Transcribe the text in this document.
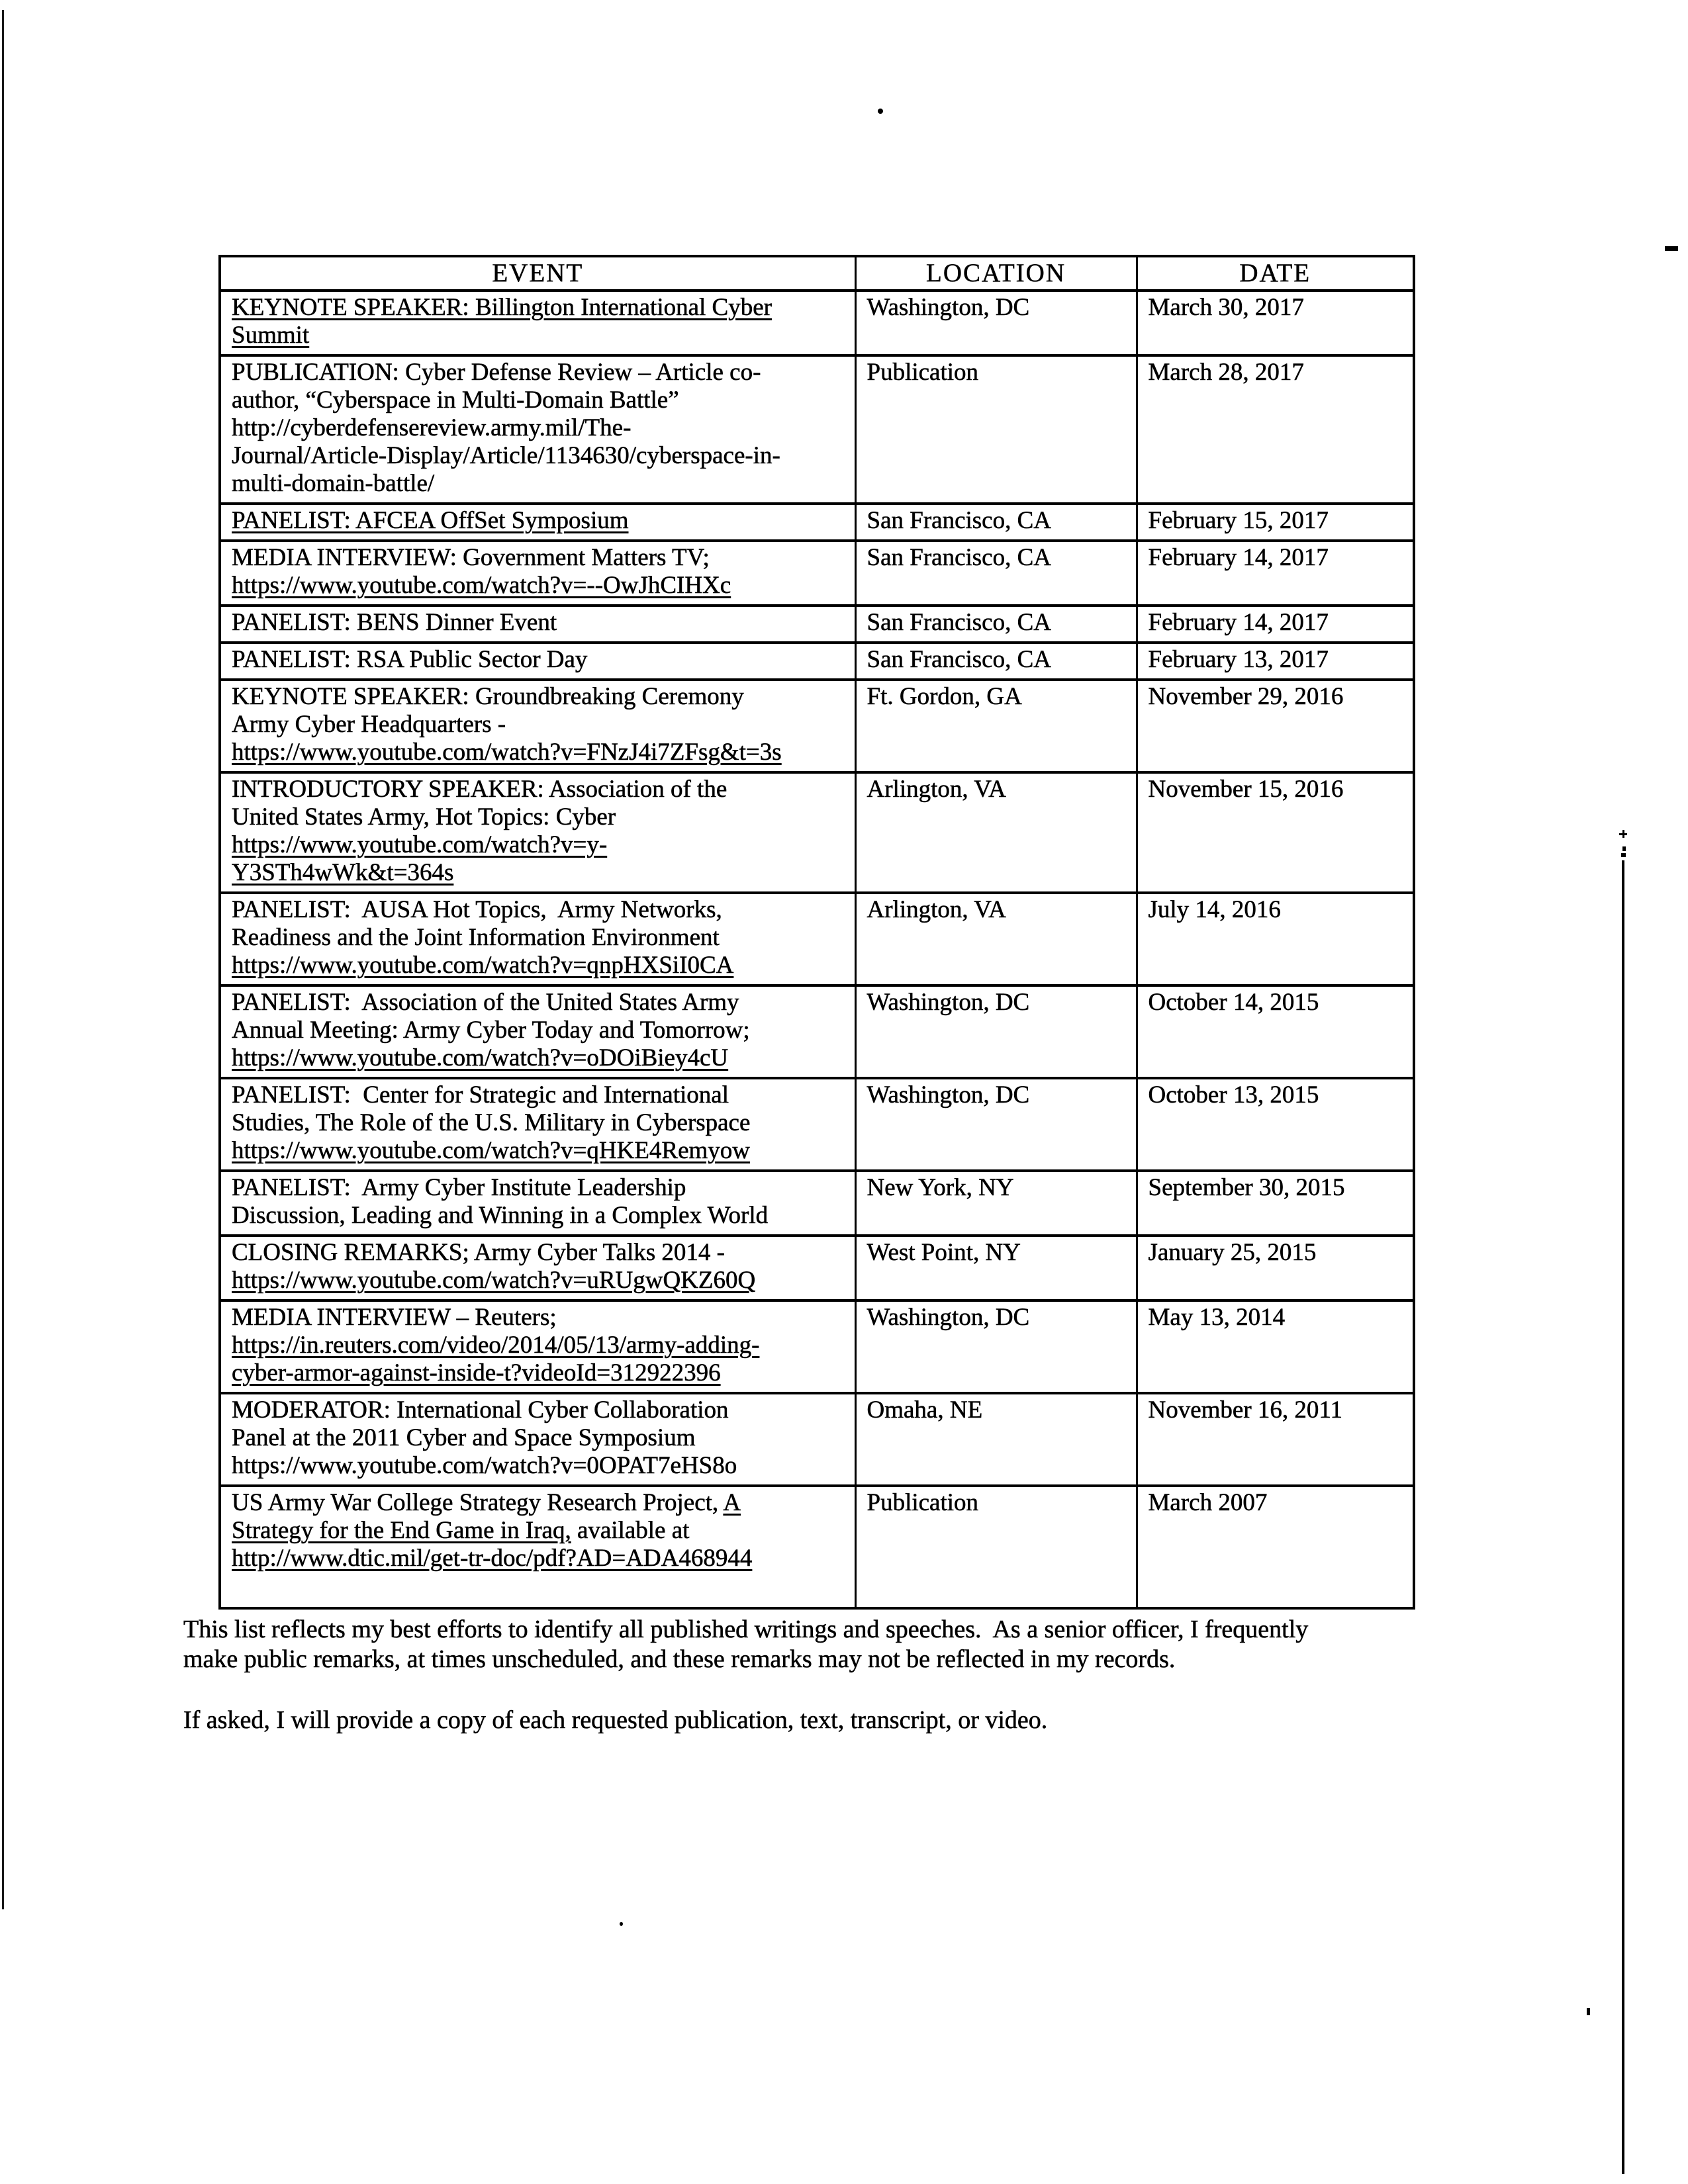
EVENT	LOCATION	DATE

KEYNOTE SPEAKER: Billington International Cyber
Summit	Washington, DC	March 30, 2017

PUBLICATION: Cyber Defense Review – Article co-
author, “Cyberspace in Multi-Domain Battle”
http://cyberdefensereview.army.mil/The-
Journal/Article-Display/Article/1134630/cyberspace-in-
multi-domain-battle/	Publication	March 28, 2017

PANELIST: AFCEA OffSet Symposium	San Francisco, CA	February 15, 2017

MEDIA INTERVIEW: Government Matters TV;
https://www.youtube.com/watch?v=--OwJhCIHXc	San Francisco, CA	February 14, 2017

PANELIST: BENS Dinner Event	San Francisco, CA	February 14, 2017

PANELIST: RSA Public Sector Day	San Francisco, CA	February 13, 2017

KEYNOTE SPEAKER: Groundbreaking Ceremony
Army Cyber Headquarters -
https://www.youtube.com/watch?v=FNzJ4i7ZFsg&t=3s	Ft. Gordon, GA	November 29, 2016

INTRODUCTORY SPEAKER: Association of the
United States Army, Hot Topics: Cyber
https://www.youtube.com/watch?v=y-
Y3STh4wWk&t=364s	Arlington, VA	November 15, 2016

PANELIST:  AUSA Hot Topics,  Army Networks,
Readiness and the Joint Information Environment
https://www.youtube.com/watch?v=qnpHXSiI0CA	Arlington, VA	July 14, 2016

PANELIST:  Association of the United States Army
Annual Meeting: Army Cyber Today and Tomorrow;
https://www.youtube.com/watch?v=oDOiBiey4cU	Washington, DC	October 14, 2015

PANELIST:  Center for Strategic and International
Studies, The Role of the U.S. Military in Cyberspace
https://www.youtube.com/watch?v=qHKE4Remyow	Washington, DC	October 13, 2015

PANELIST:  Army Cyber Institute Leadership
Discussion, Leading and Winning in a Complex World	New York, NY	September 30, 2015

CLOSING REMARKS; Army Cyber Talks 2014 -
https://www.youtube.com/watch?v=uRUgwQKZ60Q	West Point, NY	January 25, 2015

MEDIA INTERVIEW – Reuters;
https://in.reuters.com/video/2014/05/13/army-adding-
cyber-armor-against-inside-t?videoId=312922396	Washington, DC	May 13, 2014

MODERATOR: International Cyber Collaboration
Panel at the 2011 Cyber and Space Symposium
https://www.youtube.com/watch?v=0OPAT7eHS8o	Omaha, NE	November 16, 2011

US Army War College Strategy Research Project, A
Strategy for the End Game in Iraq, available at
http://www.dtic.mil/get-tr-doc/pdf?AD=ADA468944	Publication	March 2007
This list reflects my best efforts to identify all published writings and speeches.  As a senior officer, I frequently
make public remarks, at times unscheduled, and these remarks may not be reflected in my records.
If asked, I will provide a copy of each requested publication, text, transcript, or video.
